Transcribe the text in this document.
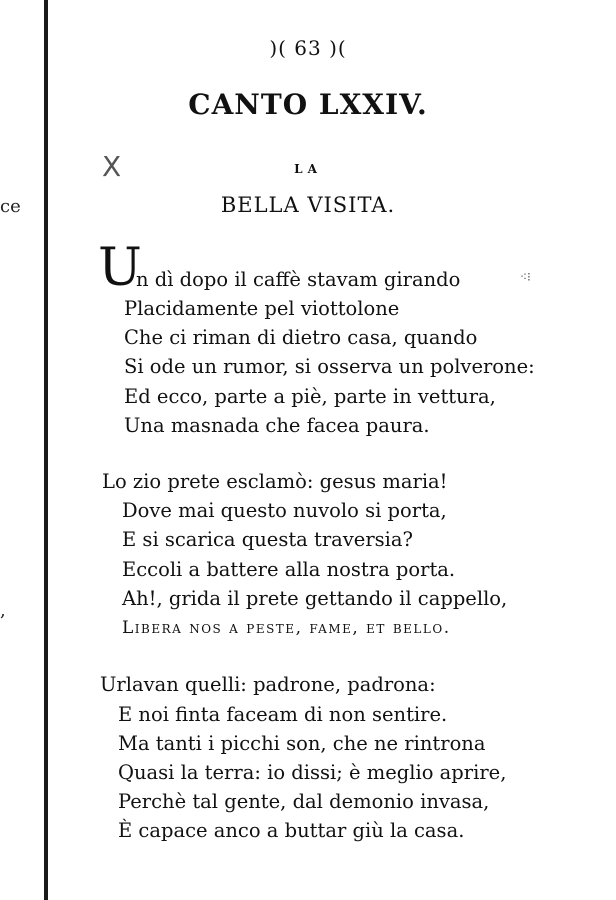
ce
,
)( 63 )(
CANTO LXXIV.
X	LA
BELLA VISITA.
⁖⁝
U
n dì dopo il caffè stavam girando
Placidamente pel viottolone
Che ci riman di dietro casa, quando
Si ode un rumor, si osserva un polverone:
Ed ecco, parte a piè, parte in vettura,
Una masnada che facea paura.
Lo zio prete esclamò: gesus maria!
Dove mai questo nuvolo si porta,
E si scarica questa traversia?
Eccoli a battere alla nostra porta.
Ah!, grida il prete gettando il cappello,
Libera nos a peste, fame, et bello.
Urlavan quelli: padrone, padrona:
E noi finta faceam di non sentire.
Ma tanti i picchi son, che ne rintrona
Quasi la terra: io dissi; è meglio aprire,
Perchè tal gente, dal demonio invasa,
È capace anco a buttar giù la casa.
